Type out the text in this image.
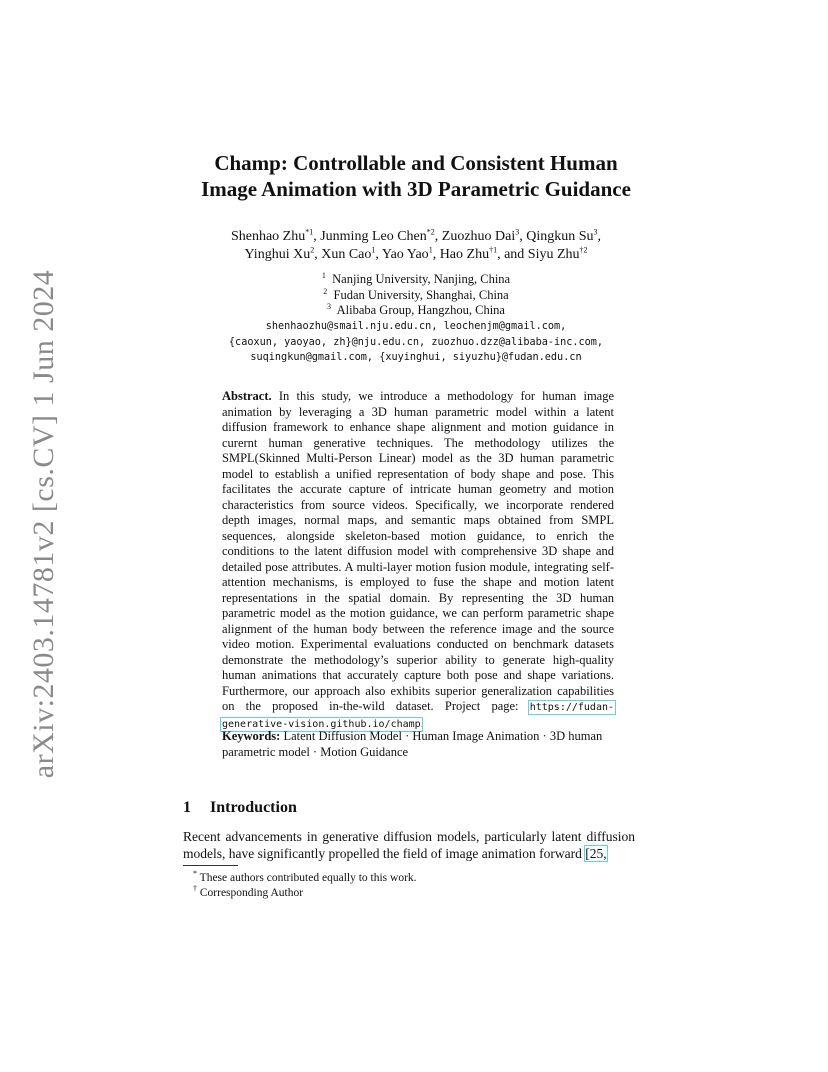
arXiv:2403.14781v2 [cs.CV] 1 Jun 2024
Champ: Controllable and Consistent Human
Image Animation with 3D Parametric Guidance
Shenhao Zhu$^{*1}$, Junming Leo Chen$^{*2}$, Zuozhuo Dai$^3$, Qingkun Su$^3$,
Yinghui Xu$^2$, Xun Cao$^1$, Yao Yao$^1$, Hao Zhu$^{\dagger 1}$, and Siyu Zhu$^{\dagger 2}$
$^1$ Nanjing University, Nanjing, China
$^2$ Fudan University, Shanghai, China
$^3$ Alibaba Group, Hangzhou, China
shenhaozhu@smail.nju.edu.cn, leochenjm@gmail.com,
{caoxun, yaoyao, zh}@nju.edu.cn, zuozhuo.dzz@alibaba-inc.com,
suqingkun@gmail.com, {xuyinghui, siyuzhu}@fudan.edu.cn
Abstract. In this study, we introduce a methodology for human image animation by leveraging a 3D human parametric model within a latent diffusion framework to enhance shape alignment and motion guidance in curernt human generative techniques. The methodology utilizes the SMPL(Skinned Multi-Person Linear) model as the 3D human parametric model to establish a unified representation of body shape and pose. This facilitates the accurate capture of intricate human geometry and motion characteristics from source videos. Specifically, we incorporate rendered depth images, normal maps, and semantic maps obtained from SMPL sequences, alongside skeleton-based motion guidance, to enrich the conditions to the latent diffusion model with comprehensive 3D shape and detailed pose attributes. A multi-layer motion fusion module, integrating self-attention mechanisms, is employed to fuse the shape and motion latent representations in the spatial domain. By representing the 3D human parametric model as the motion guidance, we can perform parametric shape alignment of the human body between the reference image and the source video motion. Experimental evaluations conducted on benchmark datasets demonstrate the methodology’s superior ability to generate high-quality human animations that accurately capture both pose and shape variations. Furthermore, our approach also exhibits superior generalization capabilities on the proposed in-the-wild dataset. Project page: https://fudan-generative-vision.github.io/champ.
Keywords: Latent Diffusion Model · Human Image Animation · 3D human parametric model · Motion Guidance
1 Introduction
Recent advancements in generative diffusion models, particularly latent diffusion models, have significantly propelled the field of image animation forward [25,
* These authors contributed equally to this work.
† Corresponding Author
